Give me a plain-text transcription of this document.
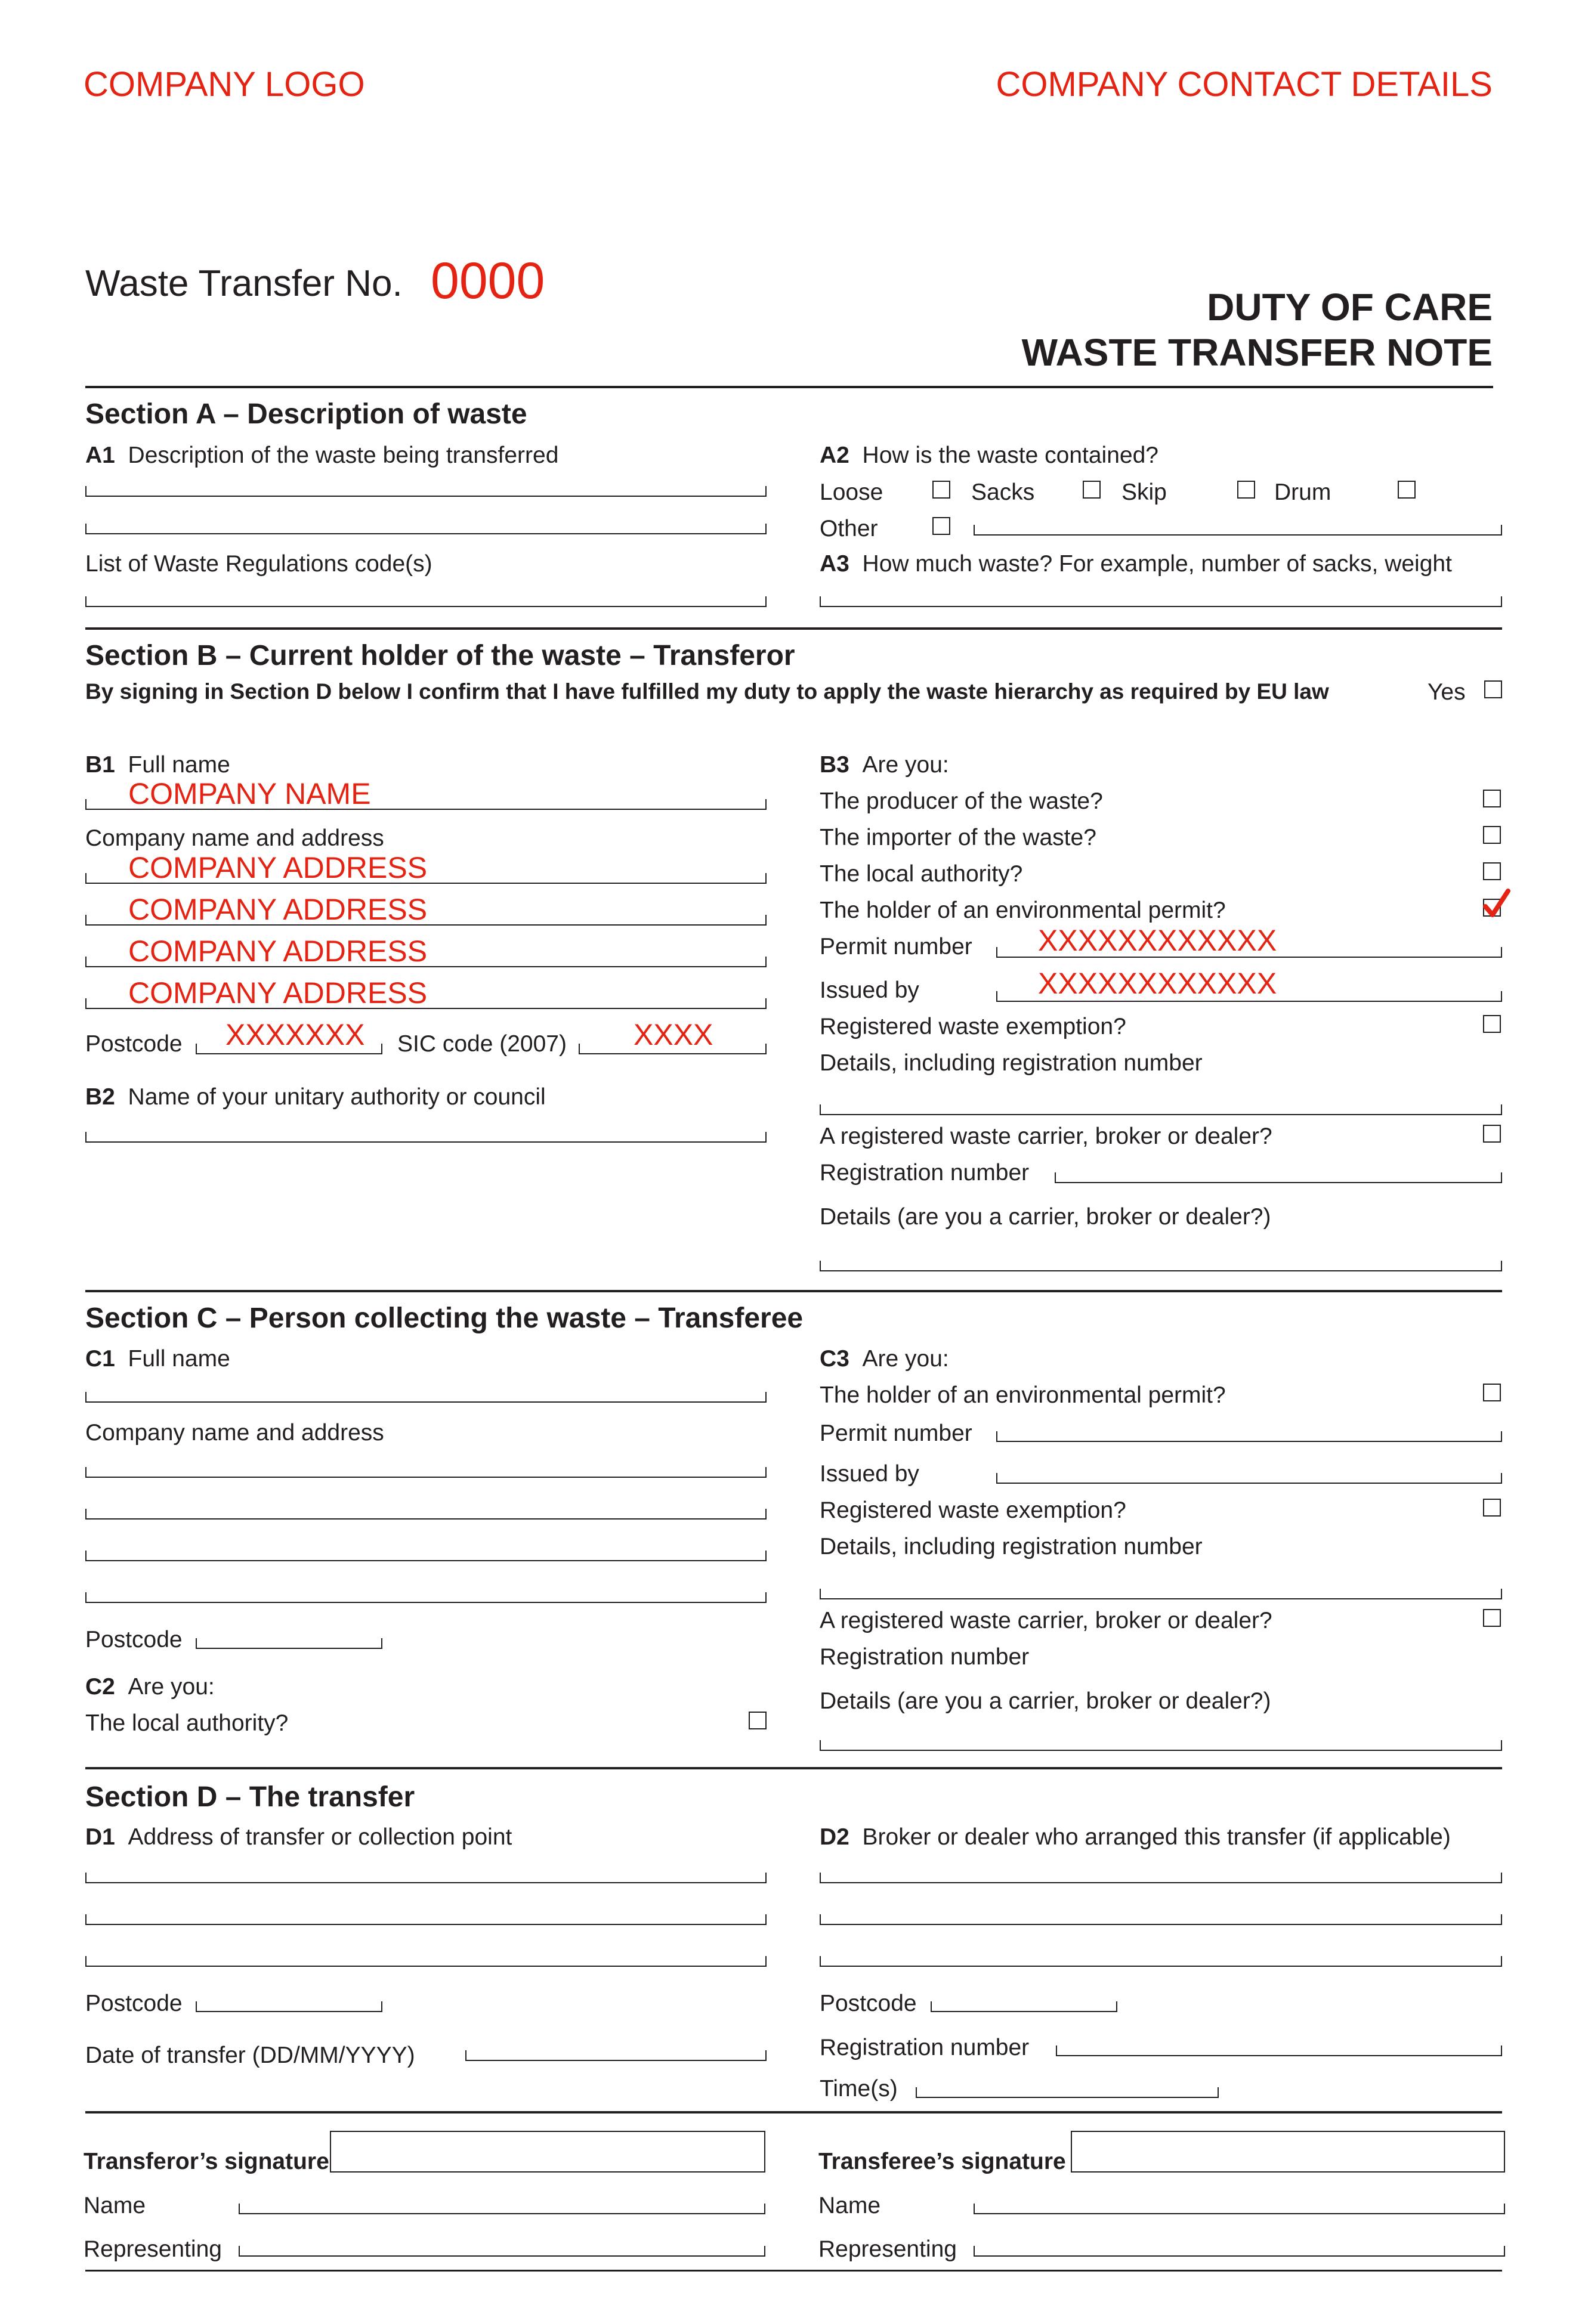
COMPANY LOGO	COMPANY CONTACT DETAILS
Waste Transfer No. 0000	DUTY OF CARE
WASTE TRANSFER NOTE
Section A – Description of waste
A1 Description of the waste being transferred
List of Waste Regulations code(s)
A2 How is the waste contained?
Loose	Sacks	Skip	Drum
Other
A3 How much waste? For example, number of sacks, weight
Section B – Current holder of the waste – Transferor
By signing in Section D below I confirm that I have fulfilled my duty to apply the waste hierarchy as required by EU law	Yes
B1 Full name
COMPANY NAME
Company name and address
COMPANY ADDRESS
COMPANY ADDRESS
COMPANY ADDRESS
COMPANY ADDRESS
Postcode XXXXXXX SIC code (2007) XXXX
B2 Name of your unitary authority or council
B3 Are you:
The producer of the waste?
The importer of the waste?
The local authority?
The holder of an environmental permit?
Permit number XXXXXXXXXXXX
Issued by	XXXXXXXXXXXX
Registered waste exemption?
Details, including registration number
A registered waste carrier, broker or dealer?
Registration number
Details (are you a carrier, broker or dealer?)
Section C – Person collecting the waste – Transferee
C1 Full name
Company name and address
Postcode
C2 Are you:
The local authority?
C3 Are you:
The holder of an environmental permit?
Permit number
Issued by
Registered waste exemption?
Details, including registration number
A registered waste carrier, broker or dealer?
Registration number
Details (are you a carrier, broker or dealer?)
Section D – The transfer
D1 Address of transfer or collection point
Postcode
Date of transfer (DD/MM/YYYY)
D2 Broker or dealer who arranged this transfer (if applicable)
Postcode
Registration number
Time(s)
Transferor’s signature
Name
Representing
Transferee’s signature
Name
Representing
